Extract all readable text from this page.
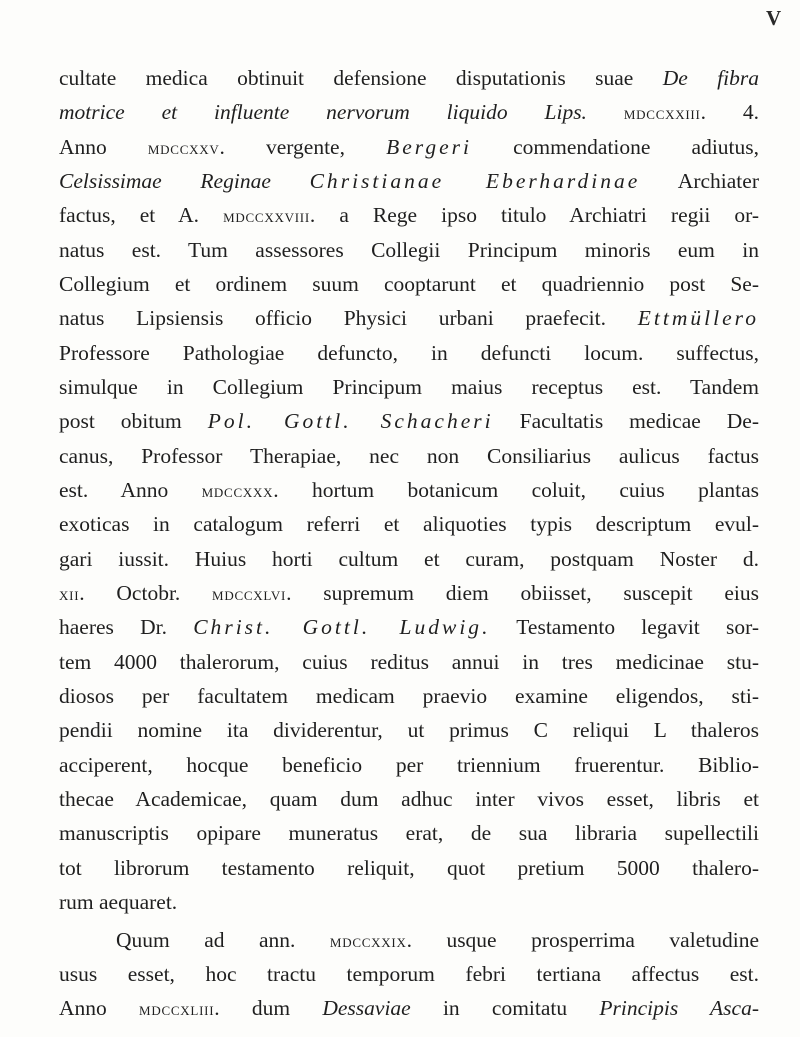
V
cultate medica obtinuit defensione disputationis suae De fibra
motrice et influente nervorum liquido Lips. mdccxxiii. 4.
Anno mdccxxv. vergente, Bergeri commendatione adiutus,
Celsissimae Reginae Christianae Eberhardinae Archiater
factus, et A. mdccxxviii. a Rege ipso titulo Archiatri regii or-
natus est. Tum assessores Collegii Principum minoris eum in
Collegium et ordinem suum cooptarunt et quadriennio post Se-
natus Lipsiensis officio Physici urbani praefecit. Ettmüllero
Professore Pathologiae defuncto, in defuncti locum. suffectus,
simulque in Collegium Principum maius receptus est. Tandem
post obitum Pol. Gottl. Schacheri Facultatis medicae De-
canus, Professor Therapiae, nec non Consiliarius aulicus factus
est. Anno mdccxxx. hortum botanicum coluit, cuius plantas
exoticas in catalogum referri et aliquoties typis descriptum evul-
gari iussit. Huius horti cultum et curam, postquam Noster d.
xii. Octobr. mdccxlvi. supremum diem obiisset, suscepit eius
haeres Dr. Christ. Gottl. Ludwig. Testamento legavit sor-
tem 4000 thalerorum, cuius reditus annui in tres medicinae stu-
diosos per facultatem medicam praevio examine eligendos, sti-
pendii nomine ita dividerentur, ut primus C reliqui L thaleros
acciperent, hocque beneficio per triennium fruerentur. Biblio-
thecae Academicae, quam dum adhuc inter vivos esset, libris et
manuscriptis opipare muneratus erat, de sua libraria supellectili
tot librorum testamento reliquit, quot pretium 5000 thalero-
rum aequaret.
Quum ad ann. mdccxxix. usque prosperrima valetudine
usus esset, hoc tractu temporum febri tertiana affectus est.
Anno mdccxliii. dum Dessaviae in comitatu Principis Asca-
